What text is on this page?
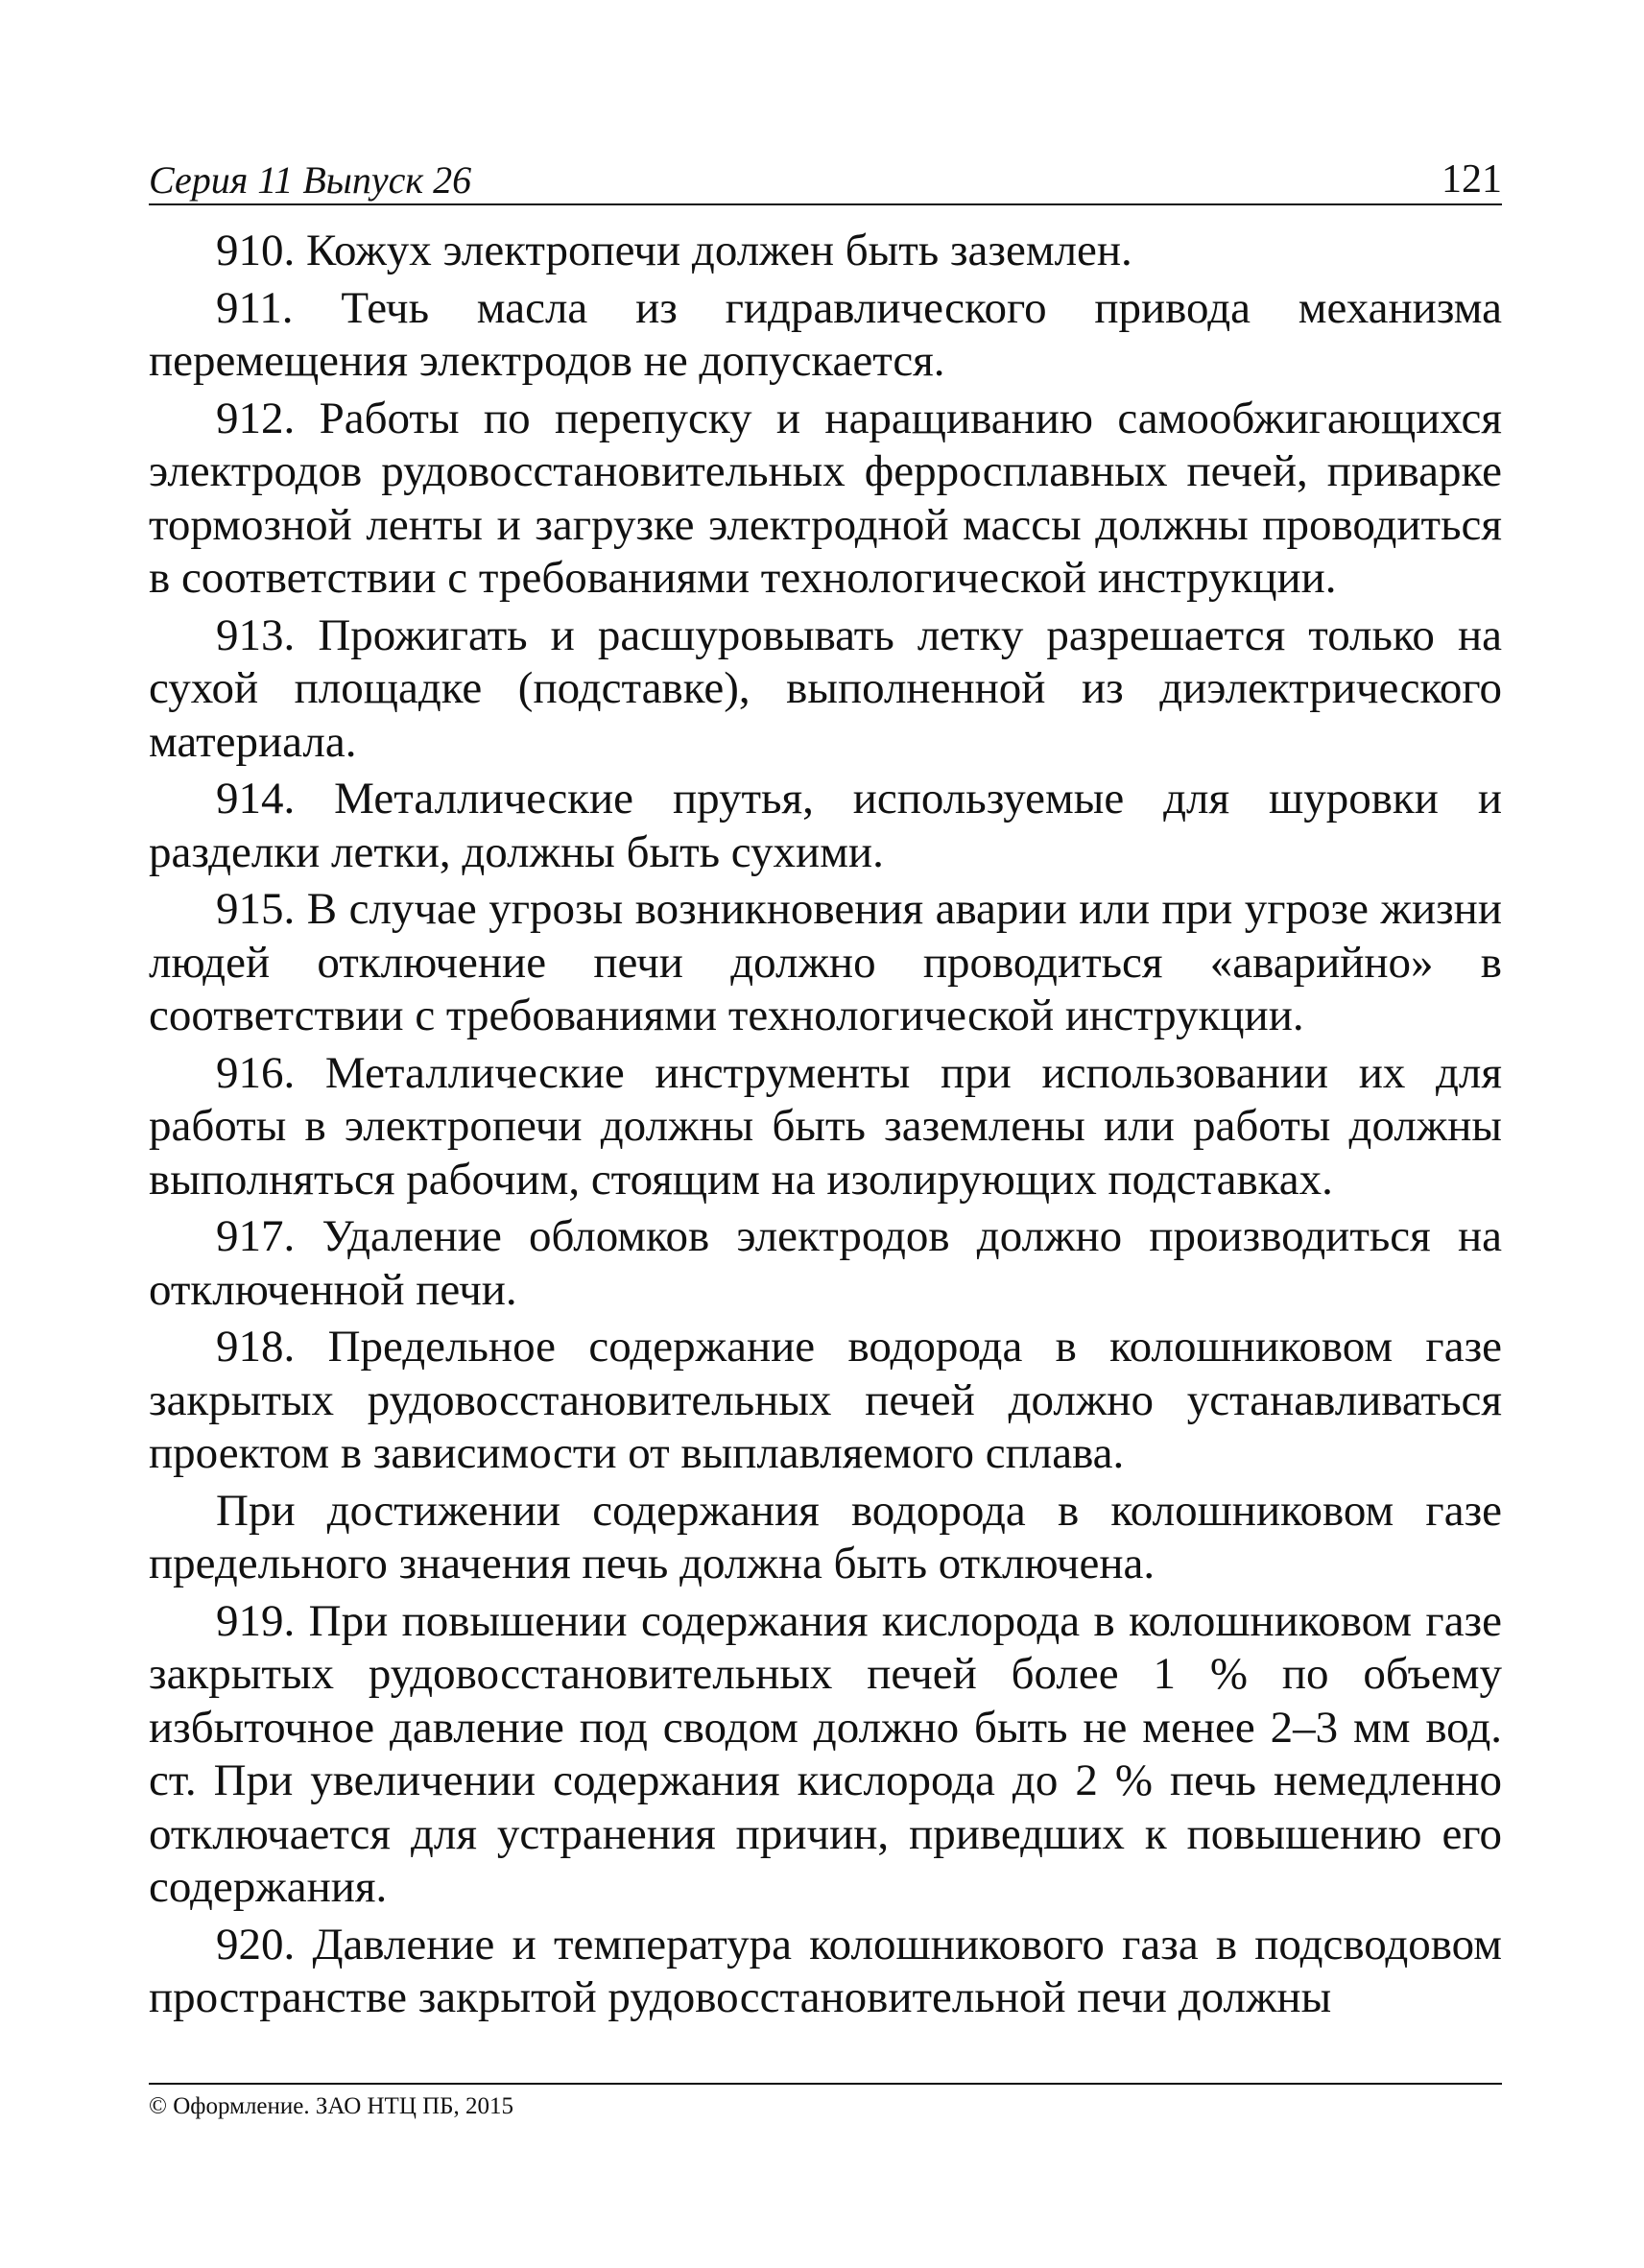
Серия 11 Выпуск 26	121

910. Кожух электропечи должен быть заземлен.

911. Течь масла из гидравлического привода механизма перемещения электродов не допускается.

912. Работы по перепуску и наращиванию самообжигающихся электродов рудовосстановительных ферросплавных печей, приварке тормозной ленты и загрузке электродной массы должны проводиться в соответствии с требованиями технологической инструкции.

913. Прожигать и расшуровывать летку разрешается только на сухой площадке (подставке), выполненной из диэлектрического материала.

914. Металлические прутья, используемые для шуровки и разделки летки, должны быть сухими.

915. В случае угрозы возникновения аварии или при угрозе жизни людей отключение печи должно проводиться «аварийно» в соответствии с требованиями технологической инструкции.

916. Металлические инструменты при использовании их для работы в электропечи должны быть заземлены или работы должны выполняться рабочим, стоящим на изолирующих подставках.

917. Удаление обломков электродов должно производиться на отключенной печи.

918. Предельное содержание водорода в колошниковом газе закрытых рудовосстановительных печей должно устанавливаться проектом в зависимости от выплавляемого сплава.

При достижении содержания водорода в колошниковом газе предельного значения печь должна быть отключена.

919. При повышении содержания кислорода в колошниковом газе закрытых рудовосстановительных печей более 1 % по объему избыточное давление под сводом должно быть не менее 2–3 мм вод. ст. При увеличении содержания кислорода до 2 % печь немедленно отключается для устранения причин, приведших к повышению его содержания.

920. Давление и температура колошникового газа в подсводовом пространстве закрытой рудовосстановительной печи должны

© Оформление. ЗАО НТЦ ПБ, 2015
